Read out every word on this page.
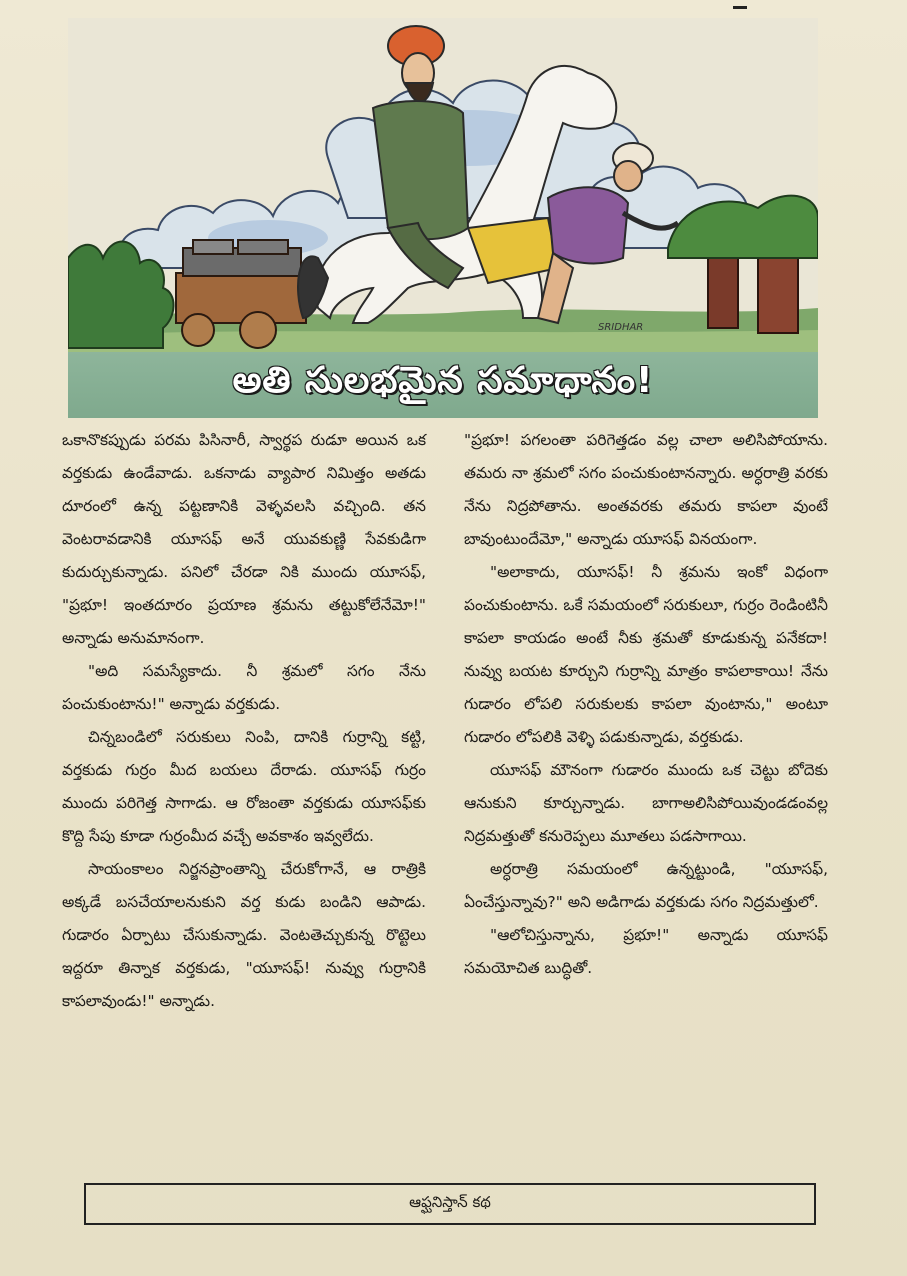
SRIDHAR
అతి సులభమైన సమాధానం!

ఒకానొకప్పుడు పరమ పిసినారీ, స్వార్థప రుడూ అయిన ఒక వర్తకుడు ఉండేవాడు. ఒకనాడు వ్యాపార నిమిత్తం అతడు దూరంలో ఉన్న పట్టణానికి వెళ్ళవలసి వచ్చింది. తన వెంటరావడానికి యూసఫ్ అనే యువకుణ్ణి సేవకుడిగా కుదుర్చుకున్నాడు. పనిలో చేరడా నికి ముందు యూసఫ్, "ప్రభూ! ఇంతదూరం ప్రయాణ శ్రమను తట్టుకోలేనేమో!" అన్నాడు అనుమానంగా.

"అది సమస్యేకాదు. నీ శ్రమలో సగం నేను పంచుకుంటాను!" అన్నాడు వర్తకుడు.

చిన్నబండిలో సరుకులు నింపి, దానికి గుర్రాన్ని కట్టి, వర్తకుడు గుర్రం మీద బయలు దేరాడు. యూసఫ్ గుర్రం ముందు పరిగెత్త సాగాడు. ఆ రోజంతా వర్తకుడు యూసఫ్‌కు కొద్ది సేపు కూడా గుర్రంమీద వచ్చే అవకాశం ఇవ్వలేదు.

సాయంకాలం నిర్జనప్రాంతాన్ని చేరుకోగానే, ఆ రాత్రికి అక్కడే బసచేయాలనుకుని వర్త కుడు బండిని ఆపాడు. గుడారం ఏర్పాటు చేసుకున్నాడు. వెంటతెచ్చుకున్న రొట్టెలు ఇద్దరూ తిన్నాక వర్తకుడు, "యూసఫ్! నువ్వు గుర్రానికి కాపలావుండు!" అన్నాడు.

"ప్రభూ! పగలంతా పరిగెత్తడం వల్ల చాలా అలిసిపోయాను. తమరు నా శ్రమలో సగం పంచుకుంటానన్నారు. అర్ధరాత్రి వరకు నేను నిద్రపోతాను. అంతవరకు తమరు కాపలా వుంటే బావుంటుందేమో," అన్నాడు యూసఫ్ వినయంగా.

"అలాకాదు, యూసఫ్! నీ శ్రమను ఇంకో విధంగా పంచుకుంటాను. ఒకే సమయంలో సరుకులూ, గుర్రం రెండింటినీ కాపలా కాయడం అంటే నీకు శ్రమతో కూడుకున్న పనేకదా! నువ్వు బయట కూర్చుని గుర్రాన్ని మాత్రం కాపలాకాయి! నేను గుడారం లోపలి సరుకులకు కాపలా వుంటాను," అంటూ గుడారం లోపలికి వెళ్ళి పడుకున్నాడు, వర్తకుడు.

యూసఫ్ మౌనంగా గుడారం ముందు ఒక చెట్టు బోదెకు ఆనుకుని కూర్చున్నాడు. బాగాఅలిసిపోయివుండడంవల్ల నిద్రమత్తుతో కనురెప్పలు మూతలు పడసాగాయి.

అర్ధరాత్రి సమయంలో ఉన్నట్టుండి, "యూసఫ్, ఏంచేస్తున్నావు?" అని అడిగాడు వర్తకుడు సగం నిద్రమత్తులో.

"ఆలోచిస్తున్నాను, ప్రభూ!" అన్నాడు యూసఫ్ సమయోచిత బుద్ధితో.

ఆఫ్ఘనిస్తాన్ కథ
